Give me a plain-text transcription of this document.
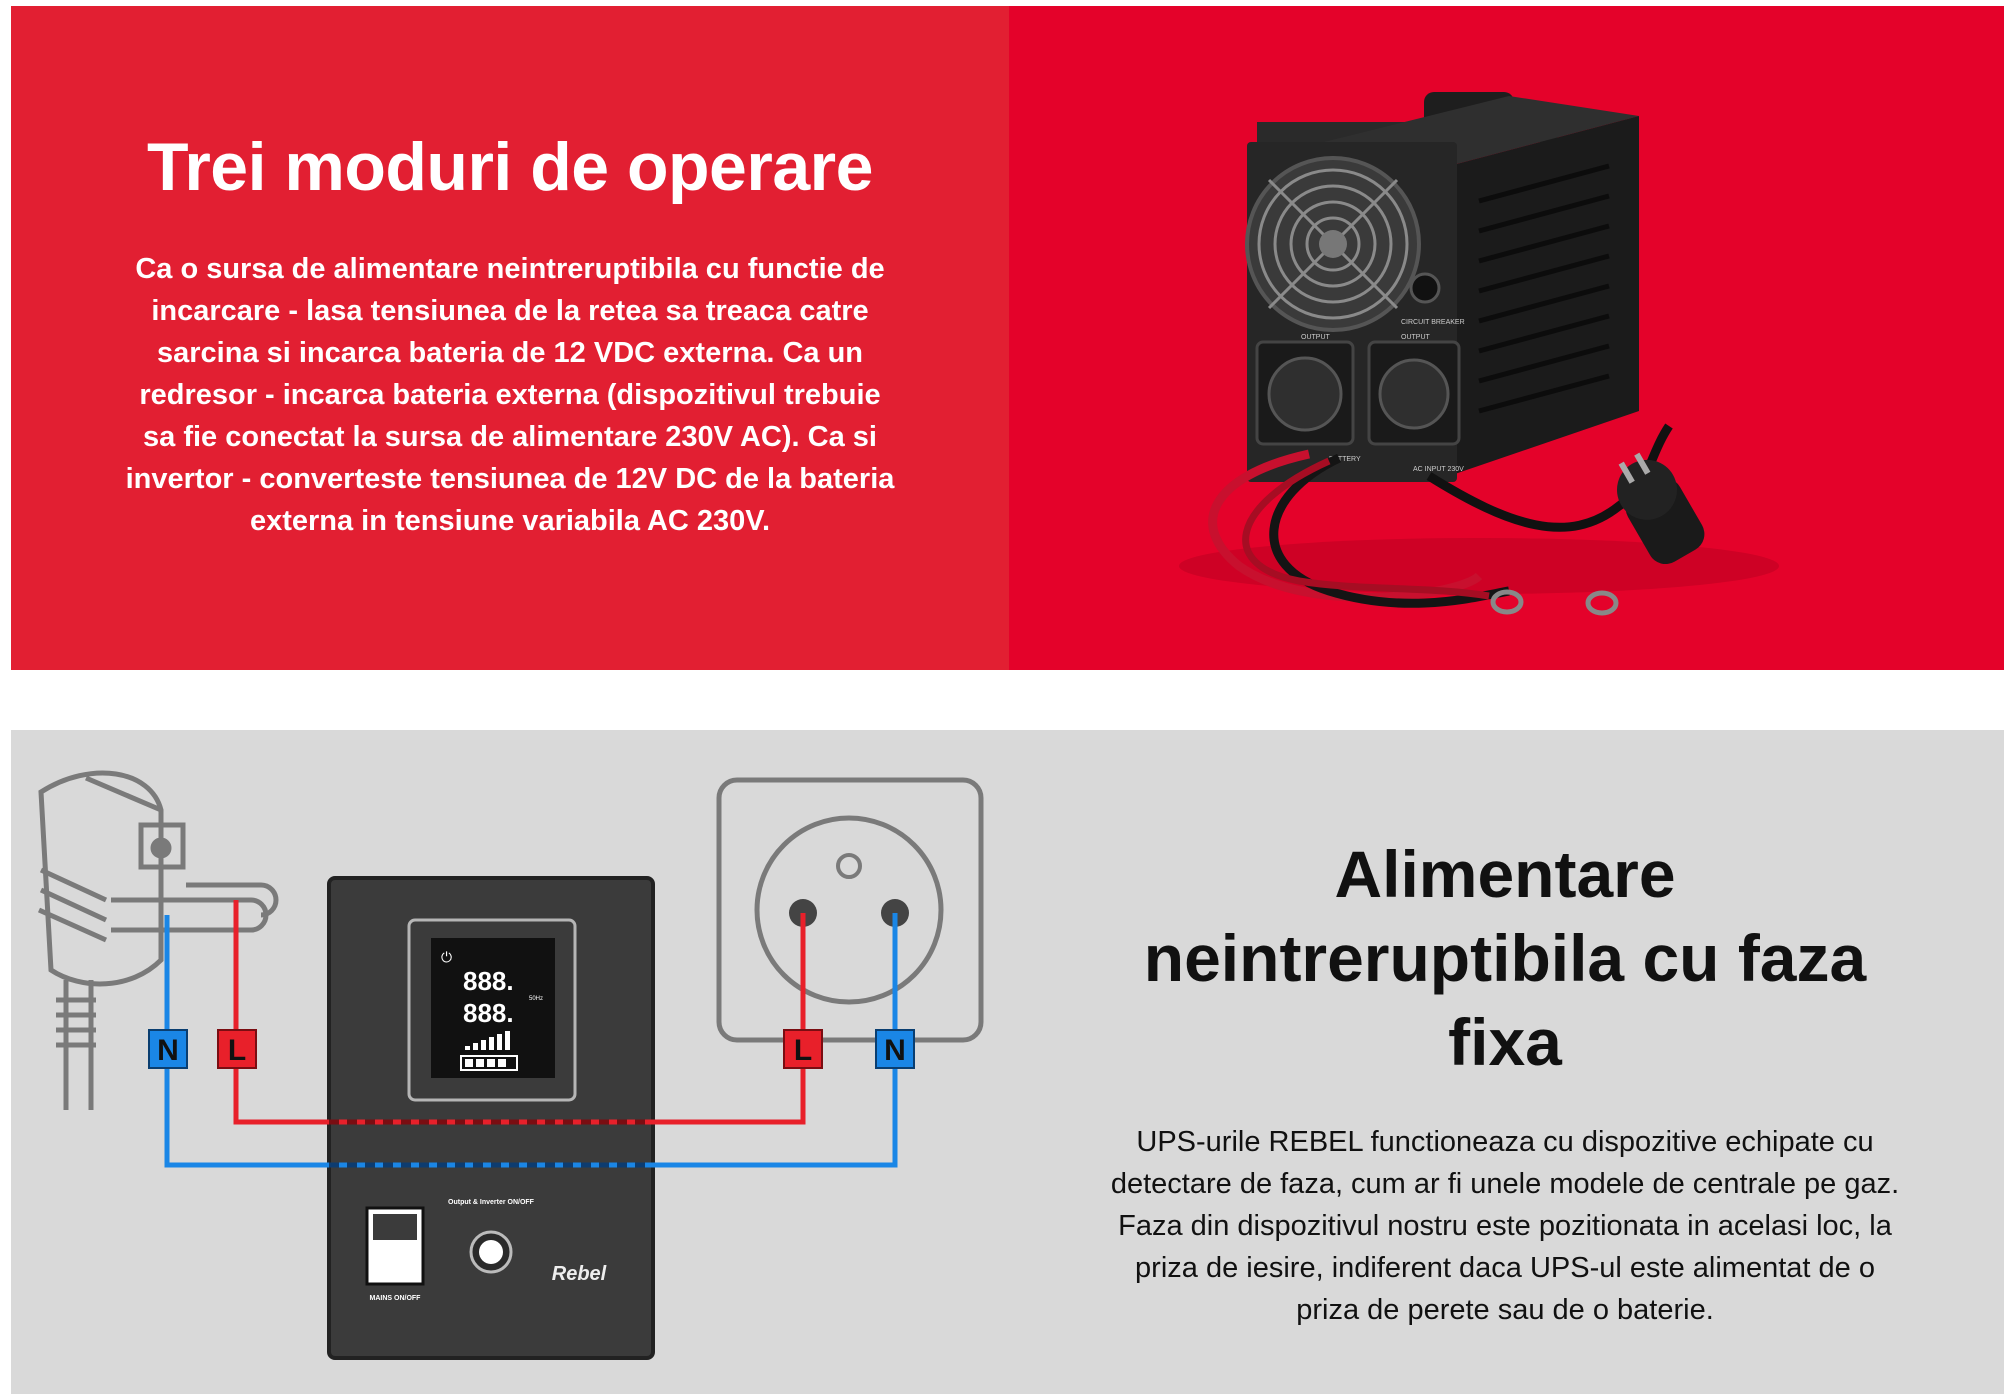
CIRCUIT BREAKER
OUTPUT	OUTPUT
BATTERY
AC INPUT 230V
Trei moduri de operare
Ca o sursa de alimentare neintreruptibila cu functie de incarcare - lasa tensiunea de la retea sa treaca catre sarcina si incarca bateria de 12 VDC externa. Ca un redresor - incarca bateria externa (dispozitivul trebuie sa fie conectat la sursa de alimentare 230V AC). Ca si invertor - converteste tensiunea de 12V DC de la bateria externa in tensiune variabila AC 230V.
⏻
888.
888.	50Hz
MAINS ON/OFF
Output & Inverter ON/OFF
Rebel
N L	L N
Alimentare neintreruptibila cu faza fixa
UPS-urile REBEL functioneaza cu dispozitive echipate cu detectare de faza, cum ar fi unele modele de centrale pe gaz. Faza din dispozitivul nostru este pozitionata in acelasi loc, la priza de iesire, indiferent daca UPS-ul este alimentat de o priza de perete sau de o baterie.
